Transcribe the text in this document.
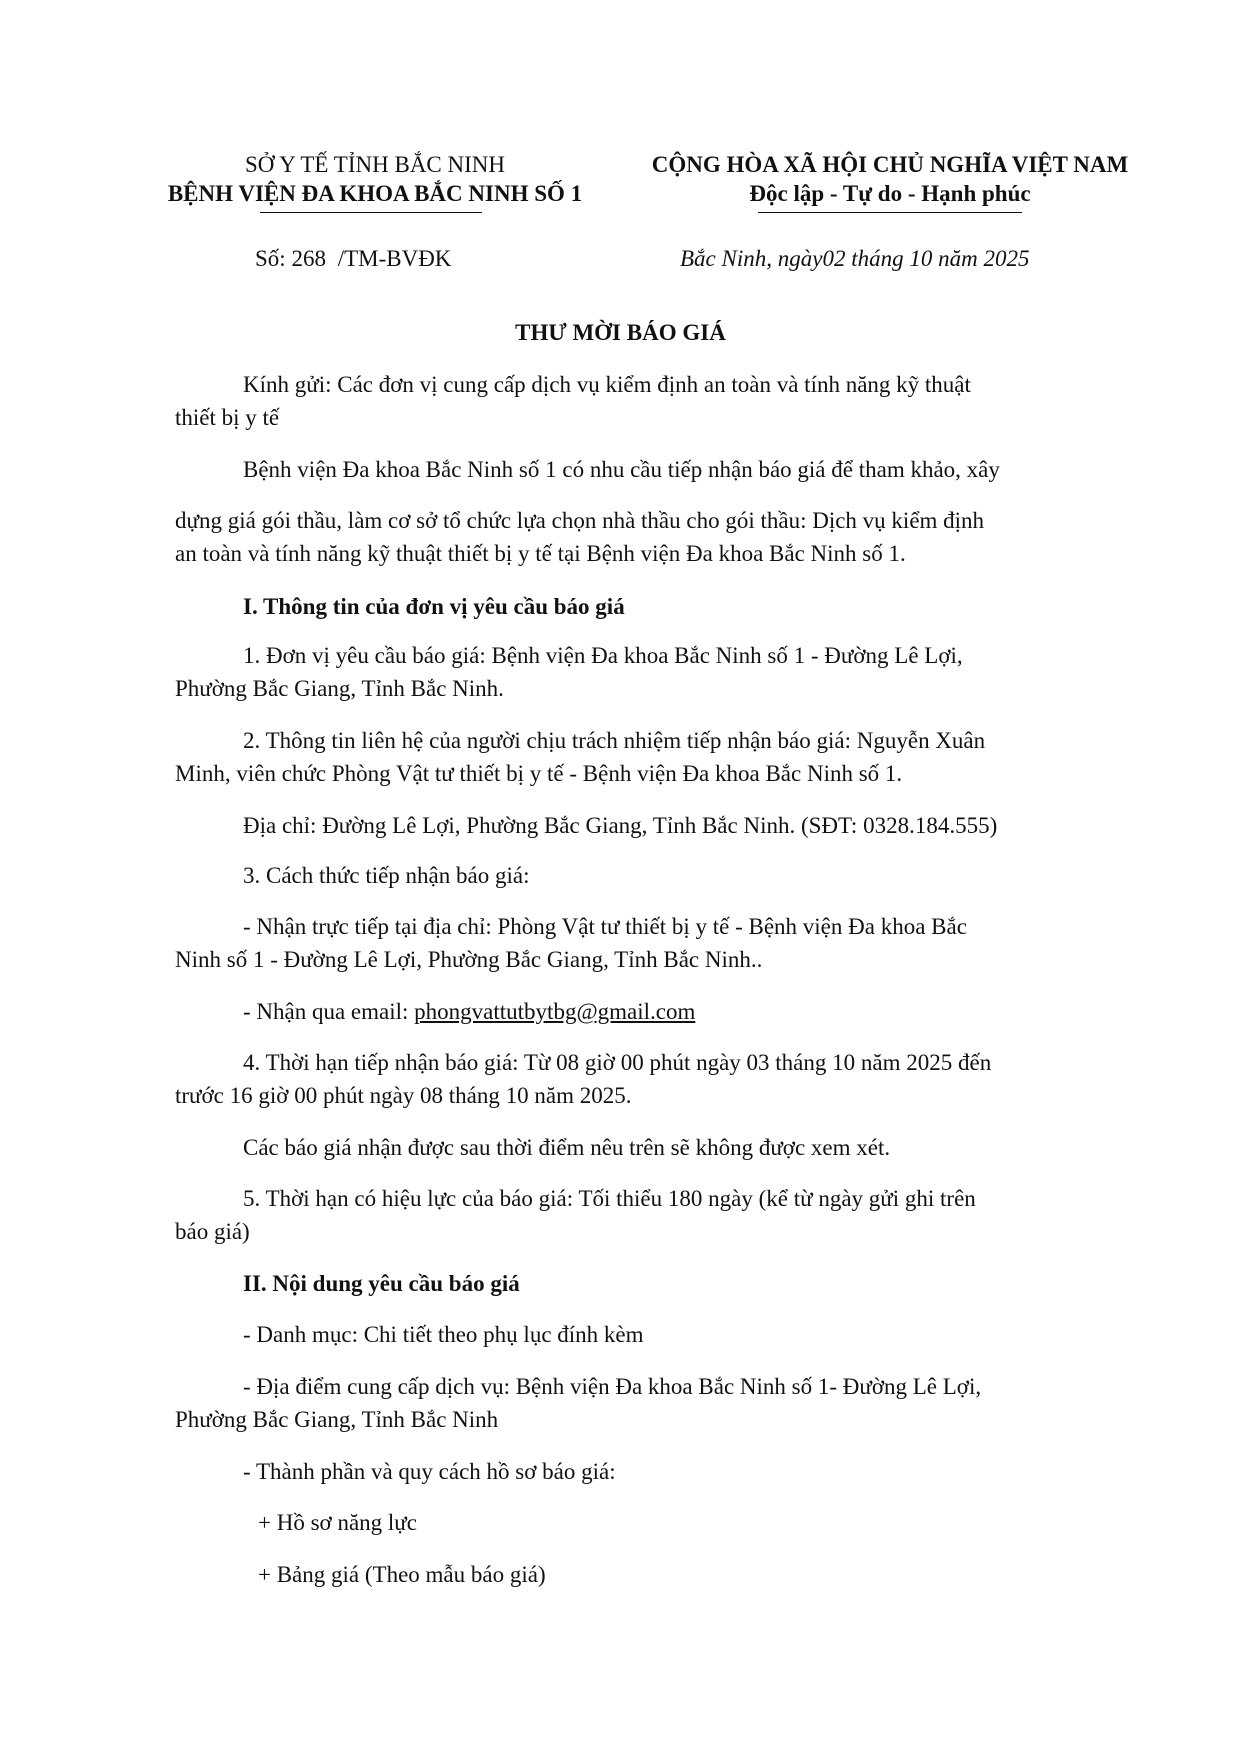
SỞ Y TẾ TỈNH BẮC NINH
BỆNH VIỆN ĐA KHOA BẮC NINH SỐ 1
CỘNG HÒA XÃ HỘI CHỦ NGHĨA VIỆT NAM
Độc lập - Tự do - Hạnh phúc
Số: 268 /TM-BVĐK	Bắc Ninh, ngày02 tháng 10 năm 2025
THƯ MỜI BÁO GIÁ
Kính gửi: Các đơn vị cung cấp dịch vụ kiểm định an toàn và tính năng kỹ thuật
thiết bị y tế
Bệnh viện Đa khoa Bắc Ninh số 1 có nhu cầu tiếp nhận báo giá để tham khảo, xây
dựng giá gói thầu, làm cơ sở tổ chức lựa chọn nhà thầu cho gói thầu: Dịch vụ kiểm định
an toàn và tính năng kỹ thuật thiết bị y tế tại Bệnh viện Đa khoa Bắc Ninh số 1.
I. Thông tin của đơn vị yêu cầu báo giá
1. Đơn vị yêu cầu báo giá: Bệnh viện Đa khoa Bắc Ninh số 1 - Đường Lê Lợi,
Phường Bắc Giang, Tỉnh Bắc Ninh.
2. Thông tin liên hệ của người chịu trách nhiệm tiếp nhận báo giá: Nguyễn Xuân
Minh, viên chức Phòng Vật tư thiết bị y tế - Bệnh viện Đa khoa Bắc Ninh số 1.
Địa chỉ: Đường Lê Lợi, Phường Bắc Giang, Tỉnh Bắc Ninh. (SĐT: 0328.184.555)
3. Cách thức tiếp nhận báo giá:
- Nhận trực tiếp tại địa chỉ: Phòng Vật tư thiết bị y tế - Bệnh viện Đa khoa Bắc
Ninh số 1 - Đường Lê Lợi, Phường Bắc Giang, Tỉnh Bắc Ninh..
- Nhận qua email: phongvattutbytbg@gmail.com
4. Thời hạn tiếp nhận báo giá: Từ 08 giờ 00 phút ngày 03 tháng 10 năm 2025 đến
trước 16 giờ 00 phút ngày 08 tháng 10 năm 2025.
Các báo giá nhận được sau thời điểm nêu trên sẽ không được xem xét.
5. Thời hạn có hiệu lực của báo giá: Tối thiểu 180 ngày (kể từ ngày gửi ghi trên
báo giá)
II. Nội dung yêu cầu báo giá
- Danh mục: Chi tiết theo phụ lục đính kèm
- Địa điểm cung cấp dịch vụ: Bệnh viện Đa khoa Bắc Ninh số 1- Đường Lê Lợi,
Phường Bắc Giang, Tỉnh Bắc Ninh
- Thành phần và quy cách hồ sơ báo giá:
+ Hồ sơ năng lực
+ Bảng giá (Theo mẫu báo giá)
